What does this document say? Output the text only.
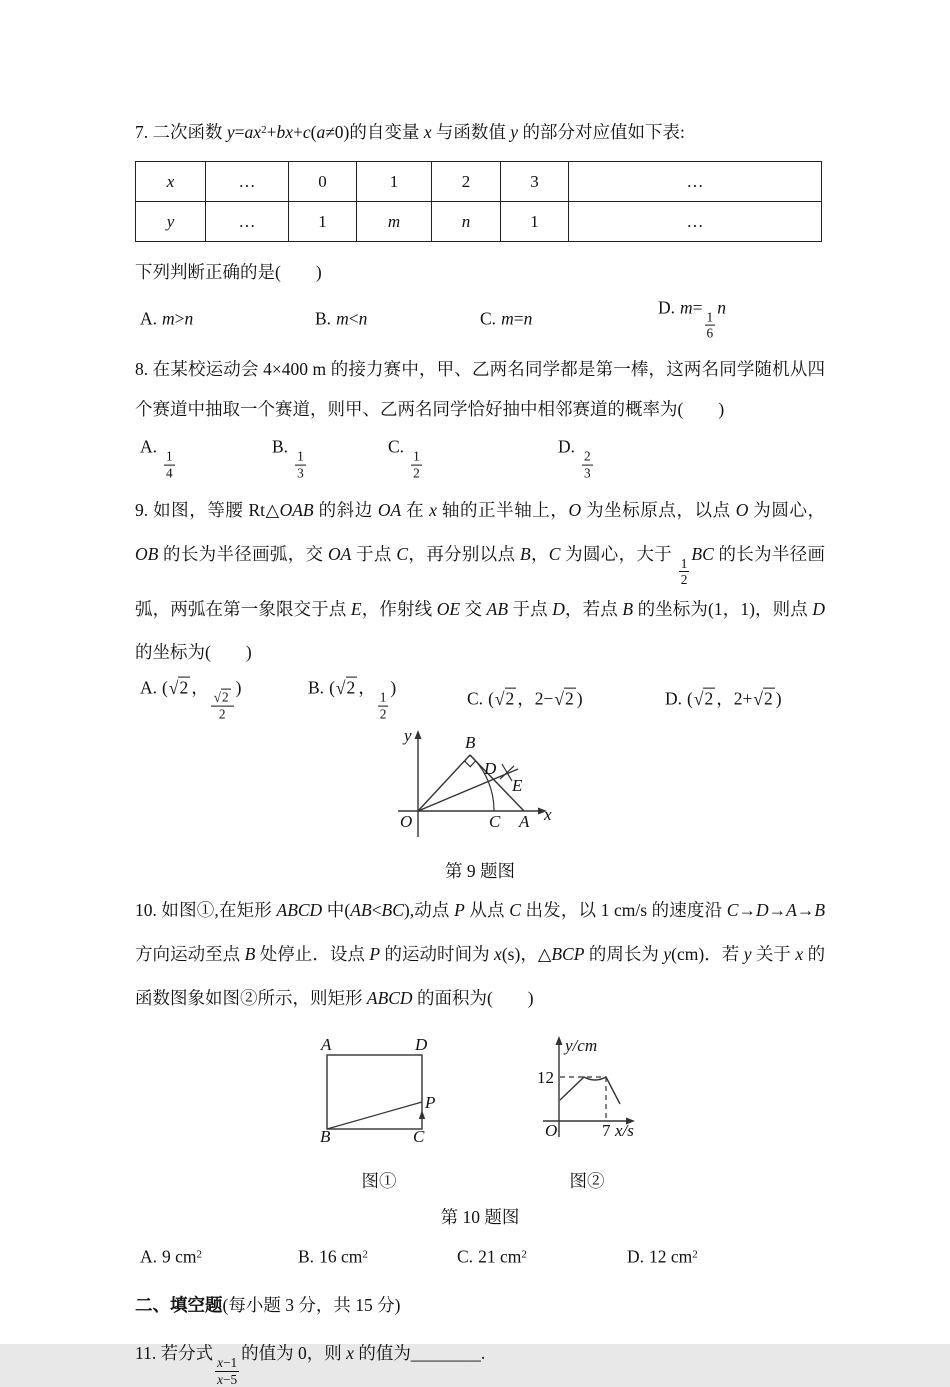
7. 二次函数 $y=ax^2+bx+c(a\ne 0)$的自变量 x 与函数值 y 的部分对应值如下表:

x	…	0	1	2	3	…
y	…	1	m	n	1	…

下列判断正确的是(　　)

A. m>n	B. m<n	C. m=n
D. m=
$\frac{1}{6}$
n

8. 在某校运动会 4×400 m 的接力赛中，甲、乙两名同学都是第一棒，这两名同学随机从四个赛道中抽取一个赛道，则甲、乙两名同学恰好抽中相邻赛道的概率为(　　)

A.
$\frac{1}{4}$
B.
$\frac{1}{3}$
C.
$\frac{1}{2}$
D.
$\frac{2}{3}$

9. 如图，等腰 Rt△OAB 的斜边 OA 在 x 轴的正半轴上，O 为坐标原点，以点 O 为圆心，OB 的长为半径画弧，交 OA 于点 C，再分别以点 B，C 为圆心，大于
$\frac{1}{2}$
BC 的长为半径画弧，两弧在第一象限交于点 E，作射线 OE 交 AB 于点 D，若点 B 的坐标为(1，1)，则点 D 的坐标为(　　)

A. ( √ 2 ，
$\frac{√ 2}{2}$
)	B. ( √ 2 ，
$\frac{1}{2}$
)
C. ( √ 2 ，2− √ 2 )	D. ( √ 2 ，2+ √ 2 )
y
x
O
B
D
E
C A

第 9 题图

10. 如图①,在矩形 ABCD 中(AB<BC),动点 P 从点 C 出发，以 1 cm/s 的速度沿 C→D→A→B 方向运动至点 B 处停止．设点 P 的运动时间为 x(s)，△BCP 的周长为 y(cm)．若 y 关于 x 的函数图象如图②所示，则矩形 ABCD 的面积为(　　)

A	D
B	C
P

图①

y/cm
12
O	7 x/s

图②

第 10 题图

A. 9 $cm^2$	B. 16 $cm^2$	C. 21 $cm^2$	D. 12 $cm^2$

二、填空题(每小题 3 分，共 15 分)

11. 若分式
$\frac{x-1}{x-5}$
的值为 0，则 x 的值为________.
